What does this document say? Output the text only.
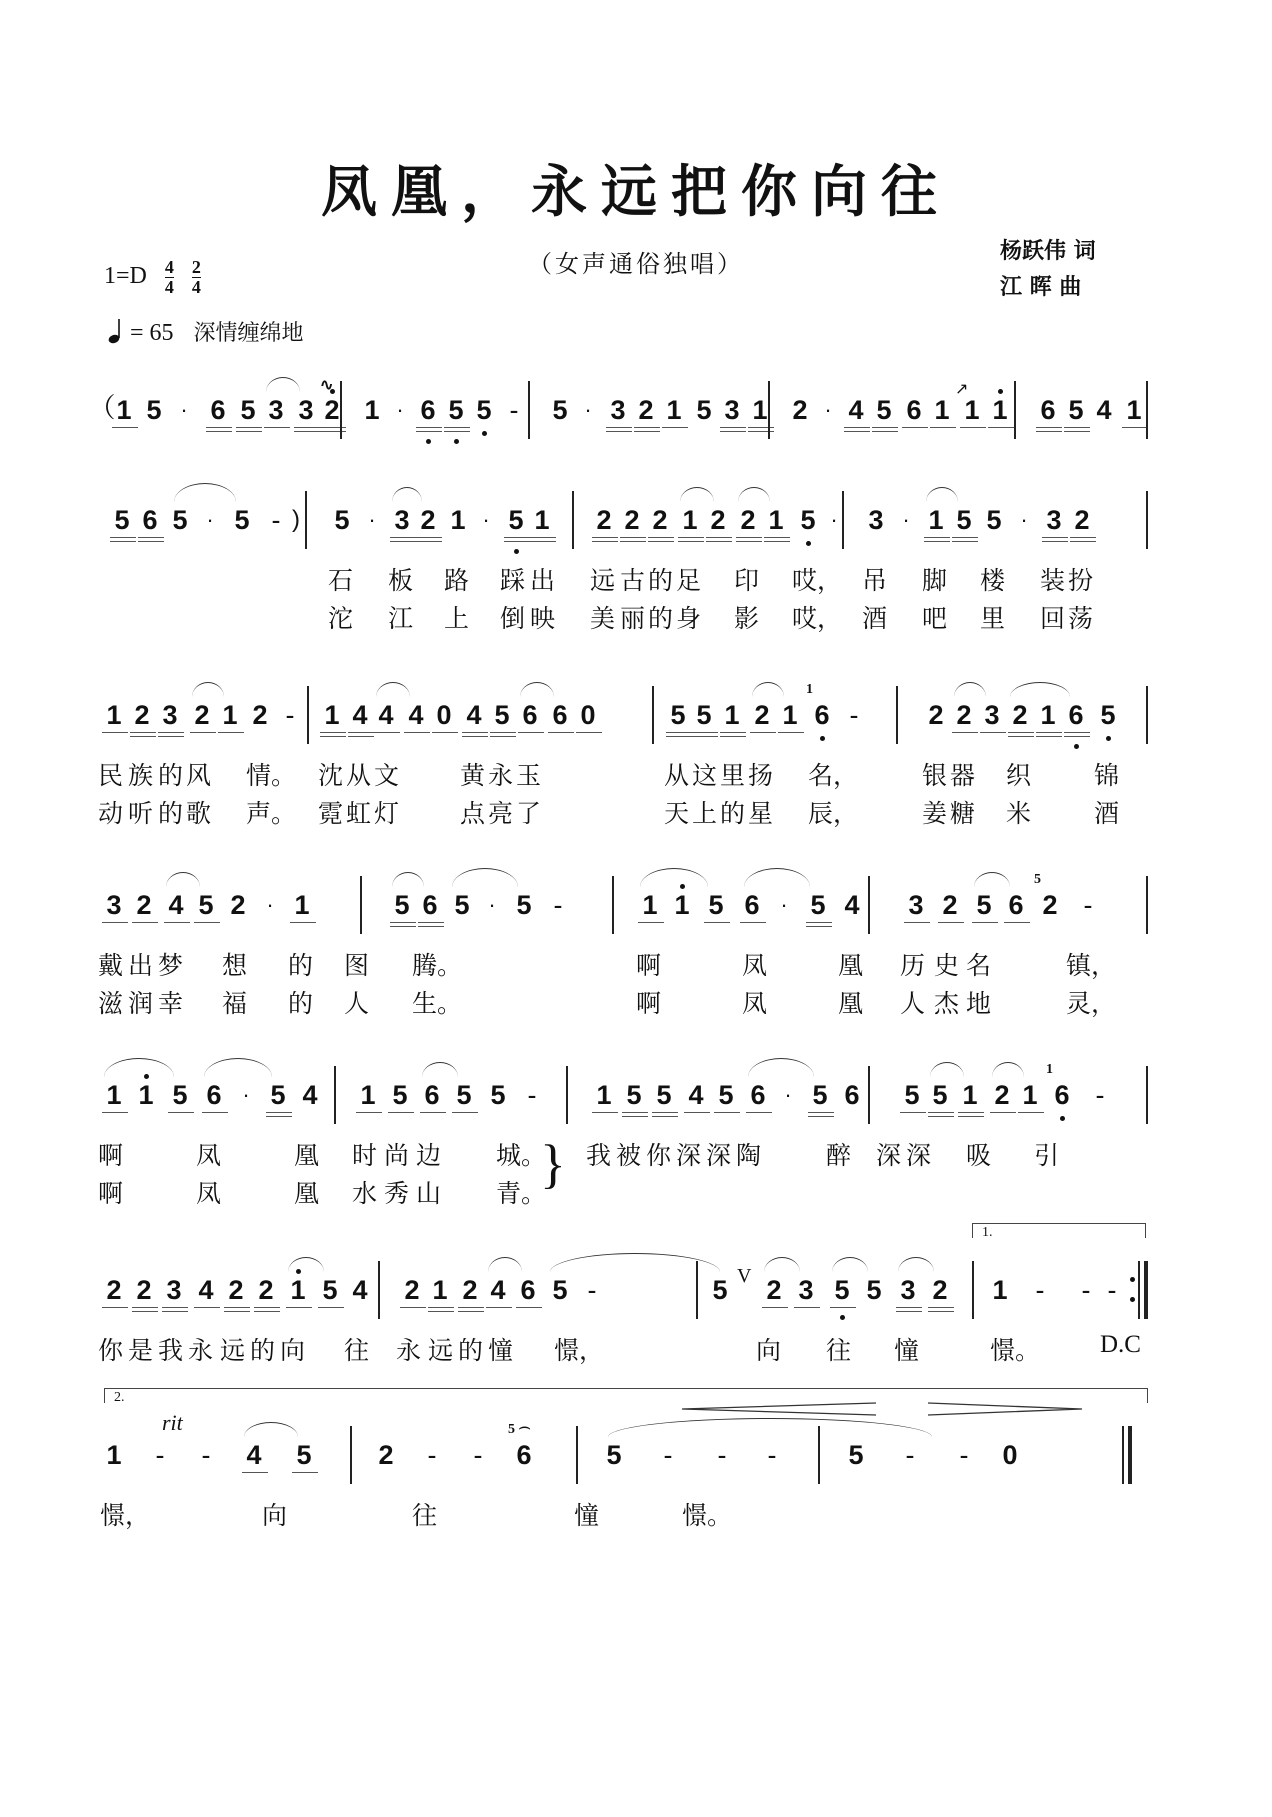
凤凰，永远把你向往
（女声通俗独唱）	杨跃伟 词
江 晖 曲
$1=D \frac{4}{4}$
$\frac{2}{4}$
= 65 深情缠绵地
（ 1 5 · 6 5 3 3 2 1 · 6 5 5 -	5 · 3 2 1 5 3 1 2 · 4 5 6 1 1 1 6 5 4 1
∿	↗
5 6 5 · 5 - )	5 · 3 2 1 · 5 1 2 2 2 1 2 2 1 5 ·	3 · 1 5 5 · 3 2
石 板 路 踩 出 远 古 的 足 印 哎， 吊 脚 楼 装 扮
沱 江 上 倒 映 美 丽 的 身 影 哎， 酒 吧 里 回 荡
1 2 3 2 1 2 -	1 4 4 4 0 4 5 6 6 0	5 5 1 2 1 6
1
-	2 2 3 2 1 6 5
民 族 的 风 情。 沈 从 文 黄 永 玉	从 这 里 扬 名，	银 器 织	锦
动 听 的 歌 声。 霓 虹 灯 点 亮 了	天 上 的 星 辰，	姜 糖 米	酒
3 2 4 5 2 · 1	5 6 5 · 5 -	1 1 5 6 · 5 4 3 2 5 6 2
5
-
戴 出 梦 想 的 图 腾。	啊	凤	凰 历 史 名	镇，
滋 润 幸 福 的 人 生。	啊	凤	凰 人 杰 地	灵，
1 1 5 6 · 5 4 1 5 6 5 5 -	1 5 5 4 5 6 · 5 6 5 5 1 2 1 6
1
-
}
啊	凤	凰 时 尚 边 城。 我 被 你 深 深 陶	醉 深 深 吸 引
啊	凤	凰 水 秀 山 青。
2 2 3 4 2 2 1 5 4 2 1 2 4 6 5 -	5 2 3 5 5 3 2 1	-	- -
V
1.
D.C
你 是 我 永 远 的 向 往 永 远 的 憧 憬，	向 往 憧	憬。
1	-	-	4 5 2	-	-	6
5 ⌢
5	-	-	-	5	-	-	0
2.
rit
憬，	向	往	憧	憬。
